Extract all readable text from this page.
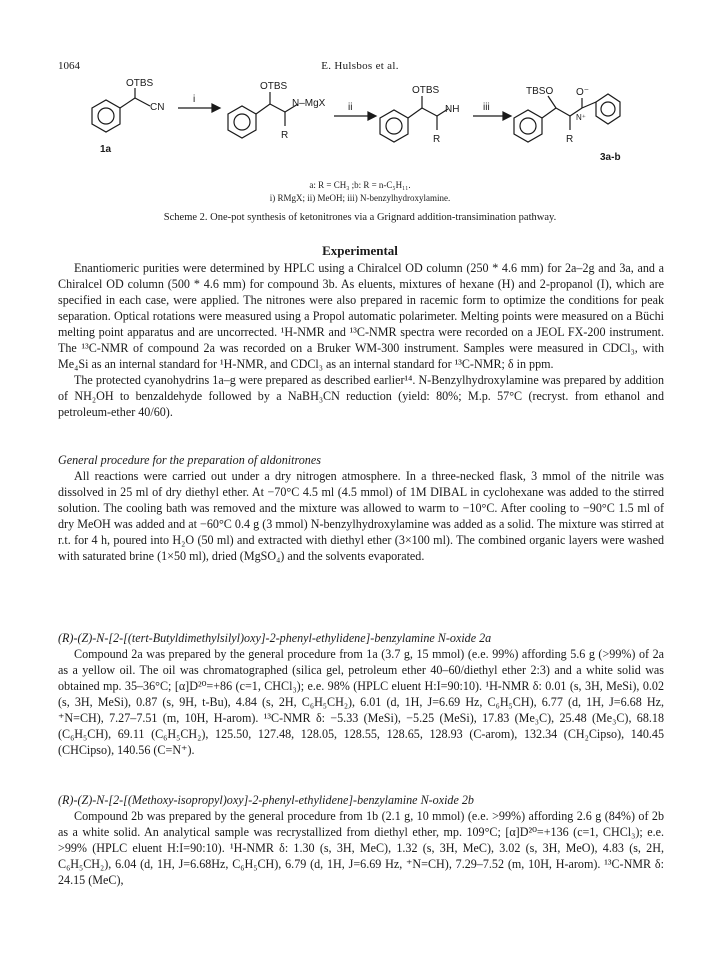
1064	E. Hulsbos et al.
OTBS
CN
1a
i
OTBS
N–MgX
R
ii
OTBS
NH
R
iii
TBSO O⁻
N⁺
R
3a-b
a: R = CH₃ ;b: R = n-C₅H₁₁.
i) RMgX; ii) MeOH; iii) N-benzylhydroxylamine.
Scheme 2. One-pot synthesis of ketonitrones via a Grignard addition-transimination pathway.
Experimental

Enantiomeric purities were determined by HPLC using a Chiralcel OD column (250 * 4.6 mm) for 2a–2g and 3a, and a Chiralcel OD column (500 * 4.6 mm) for compound 3b. As eluents, mixtures of hexane (H) and 2-propanol (I), which are specified in each case, were applied. The nitrones were also prepared in racemic form to optimize the conditions for peak separation. Optical rotations were measured using a Propol automatic polarimeter. Melting points were measured on a Büchi melting point apparatus and are uncorrected. ¹H-NMR and ¹³C-NMR spectra were recorded on a JEOL FX-200 instrument. The ¹³C-NMR of compound 2a was recorded on a Bruker WM-300 instrument. Samples were measured in CDCl₃, with Me₄Si as an internal standard for ¹H-NMR, and CDCl₃ as an internal standard for ¹³C-NMR; δ in ppm.

The protected cyanohydrins 1a–g were prepared as described earlier¹⁴. N-Benzylhydroxylamine was prepared by addition of NH₂OH to benzaldehyde followed by a NaBH₃CN reduction (yield: 80%; M.p. 57°C (recryst. from ethanol and petroleum-ether 40/60).

General procedure for the preparation of aldonitrones

All reactions were carried out under a dry nitrogen atmosphere. In a three-necked flask, 3 mmol of the nitrile was dissolved in 25 ml of dry diethyl ether. At −70°C 4.5 ml (4.5 mmol) of 1M DIBAL in cyclohexane was added to the stirred solution. The cooling bath was removed and the mixture was allowed to warm to −10°C. After cooling to −90°C 1.5 ml of dry MeOH was added and at −60°C 0.4 g (3 mmol) N-benzylhydroxylamine was added as a solid. The mixture was stirred at r.t. for 4 h, poured into H₂O (50 ml) and extracted with diethyl ether (3×100 ml). The combined organic layers were washed with saturated brine (1×50 ml), dried (MgSO₄) and the solvents evaporated.

(R)-(Z)-N-[2-[(tert-Butyldimethylsilyl)oxy]-2-phenyl-ethylidene]-benzylamine N-oxide 2a

Compound 2a was prepared by the general procedure from 1a (3.7 g, 15 mmol) (e.e. 99%) affording 5.6 g (>99%) of 2a as a yellow oil. The oil was chromatographed (silica gel, petroleum ether 40–60/diethyl ether 2:3) and a white solid was obtained mp. 35–36°C; [α]D²⁰=+86 (c=1, CHCl₃); e.e. 98% (HPLC eluent H:I=90:10). ¹H-NMR δ: 0.01 (s, 3H, MeSi), 0.02 (s, 3H, MeSi), 0.87 (s, 9H, t-Bu), 4.84 (s, 2H, C₆H₅CH₂), 6.01 (d, 1H, J=6.69 Hz, C₆H₅CH), 6.77 (d, 1H, J=6.68 Hz, ⁺N=CH), 7.27–7.51 (m, 10H, H-arom). ¹³C-NMR δ: −5.33 (MeSi), −5.25 (MeSi), 17.83 (Me₃C), 25.48 (Me₃C), 68.18 (C₆H₅CH), 69.11 (C₆H₅CH₂), 125.50, 127.48, 128.05, 128.55, 128.65, 128.93 (C-arom), 132.34 (CH₂Cipso), 140.45 (CHCipso), 140.56 (C=N⁺).

(R)-(Z)-N-[2-[(Methoxy-isopropyl)oxy]-2-phenyl-ethylidene]-benzylamine N-oxide 2b

Compound 2b was prepared by the general procedure from 1b (2.1 g, 10 mmol) (e.e. >99%) affording 2.6 g (84%) of 2b as a white solid. An analytical sample was recrystallized from diethyl ether, mp. 109°C; [α]D²⁰=+136 (c=1, CHCl₃); e.e. >99% (HPLC eluent H:I=90:10). ¹H-NMR δ: 1.30 (s, 3H, MeC), 1.32 (s, 3H, MeC), 3.02 (s, 3H, MeO), 4.83 (s, 2H, C₆H₅CH₂), 6.04 (d, 1H, J=6.68Hz, C₆H₅CH), 6.79 (d, 1H, J=6.69 Hz, ⁺N=CH), 7.29–7.52 (m, 10H, H-arom). ¹³C-NMR δ: 24.15 (MeC),
